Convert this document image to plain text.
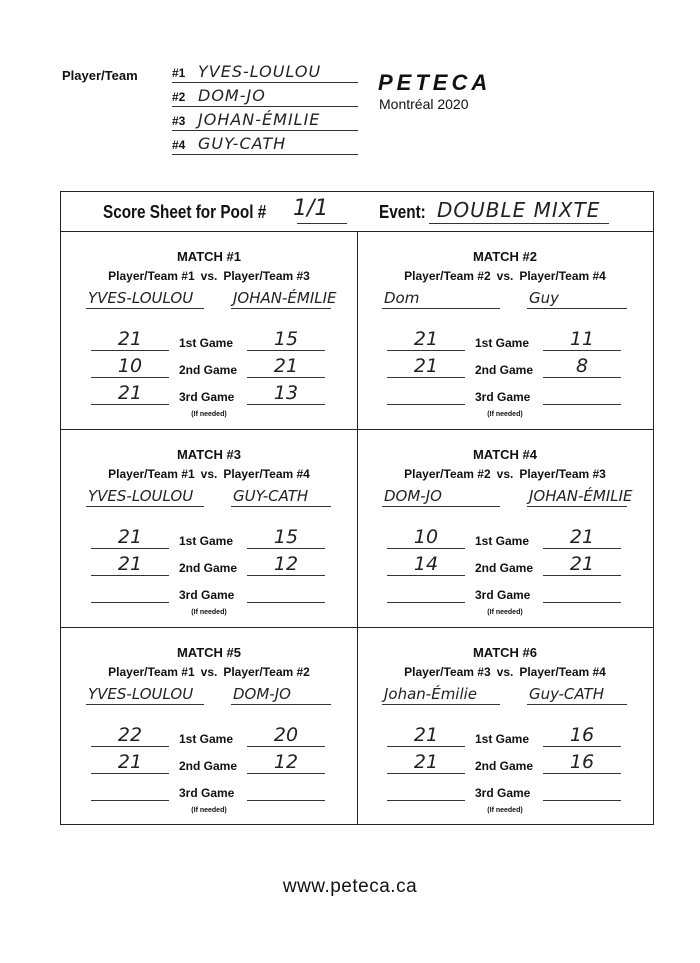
Player/Team	#1 YVES-LOULOU
#2 DOM-JO
#3 JOHAN-ÉMILIE
#4 GUY-CATH
PETECA
Montréal 2020
Score Sheet for Pool # 1/1	Event: DOUBLE MIXTE
MATCH #1
Player/Team #1 vs. Player/Team #3
YVES-LOULOU	JOHAN-ÉMILIE
21	1st Game	15
10	2nd Game	21
21	3rd Game	13
(If needed)
MATCH #2
Player/Team #2 vs. Player/Team #4
Dom	Guy
21	1st Game	11
21	2nd Game	8
3rd Game
(If needed)
MATCH #3
Player/Team #1 vs. Player/Team #4
YVES-LOULOU	GUY-CATH
21	1st Game	15
21	2nd Game	12
3rd Game
(If needed)
MATCH #4
Player/Team #2 vs. Player/Team #3
DOM-JO	JOHAN-ÉMILIE
10	1st Game	21
14	2nd Game	21
3rd Game
(If needed)
MATCH #5
Player/Team #1 vs. Player/Team #2
YVES-LOULOU	DOM-JO
22	1st Game	20
21	2nd Game	12
3rd Game
(If needed)
MATCH #6
Player/Team #3 vs. Player/Team #4
Johan-Émilie	Guy-CATH
21	1st Game	16
21	2nd Game	16
3rd Game
(If needed)
www.peteca.ca
